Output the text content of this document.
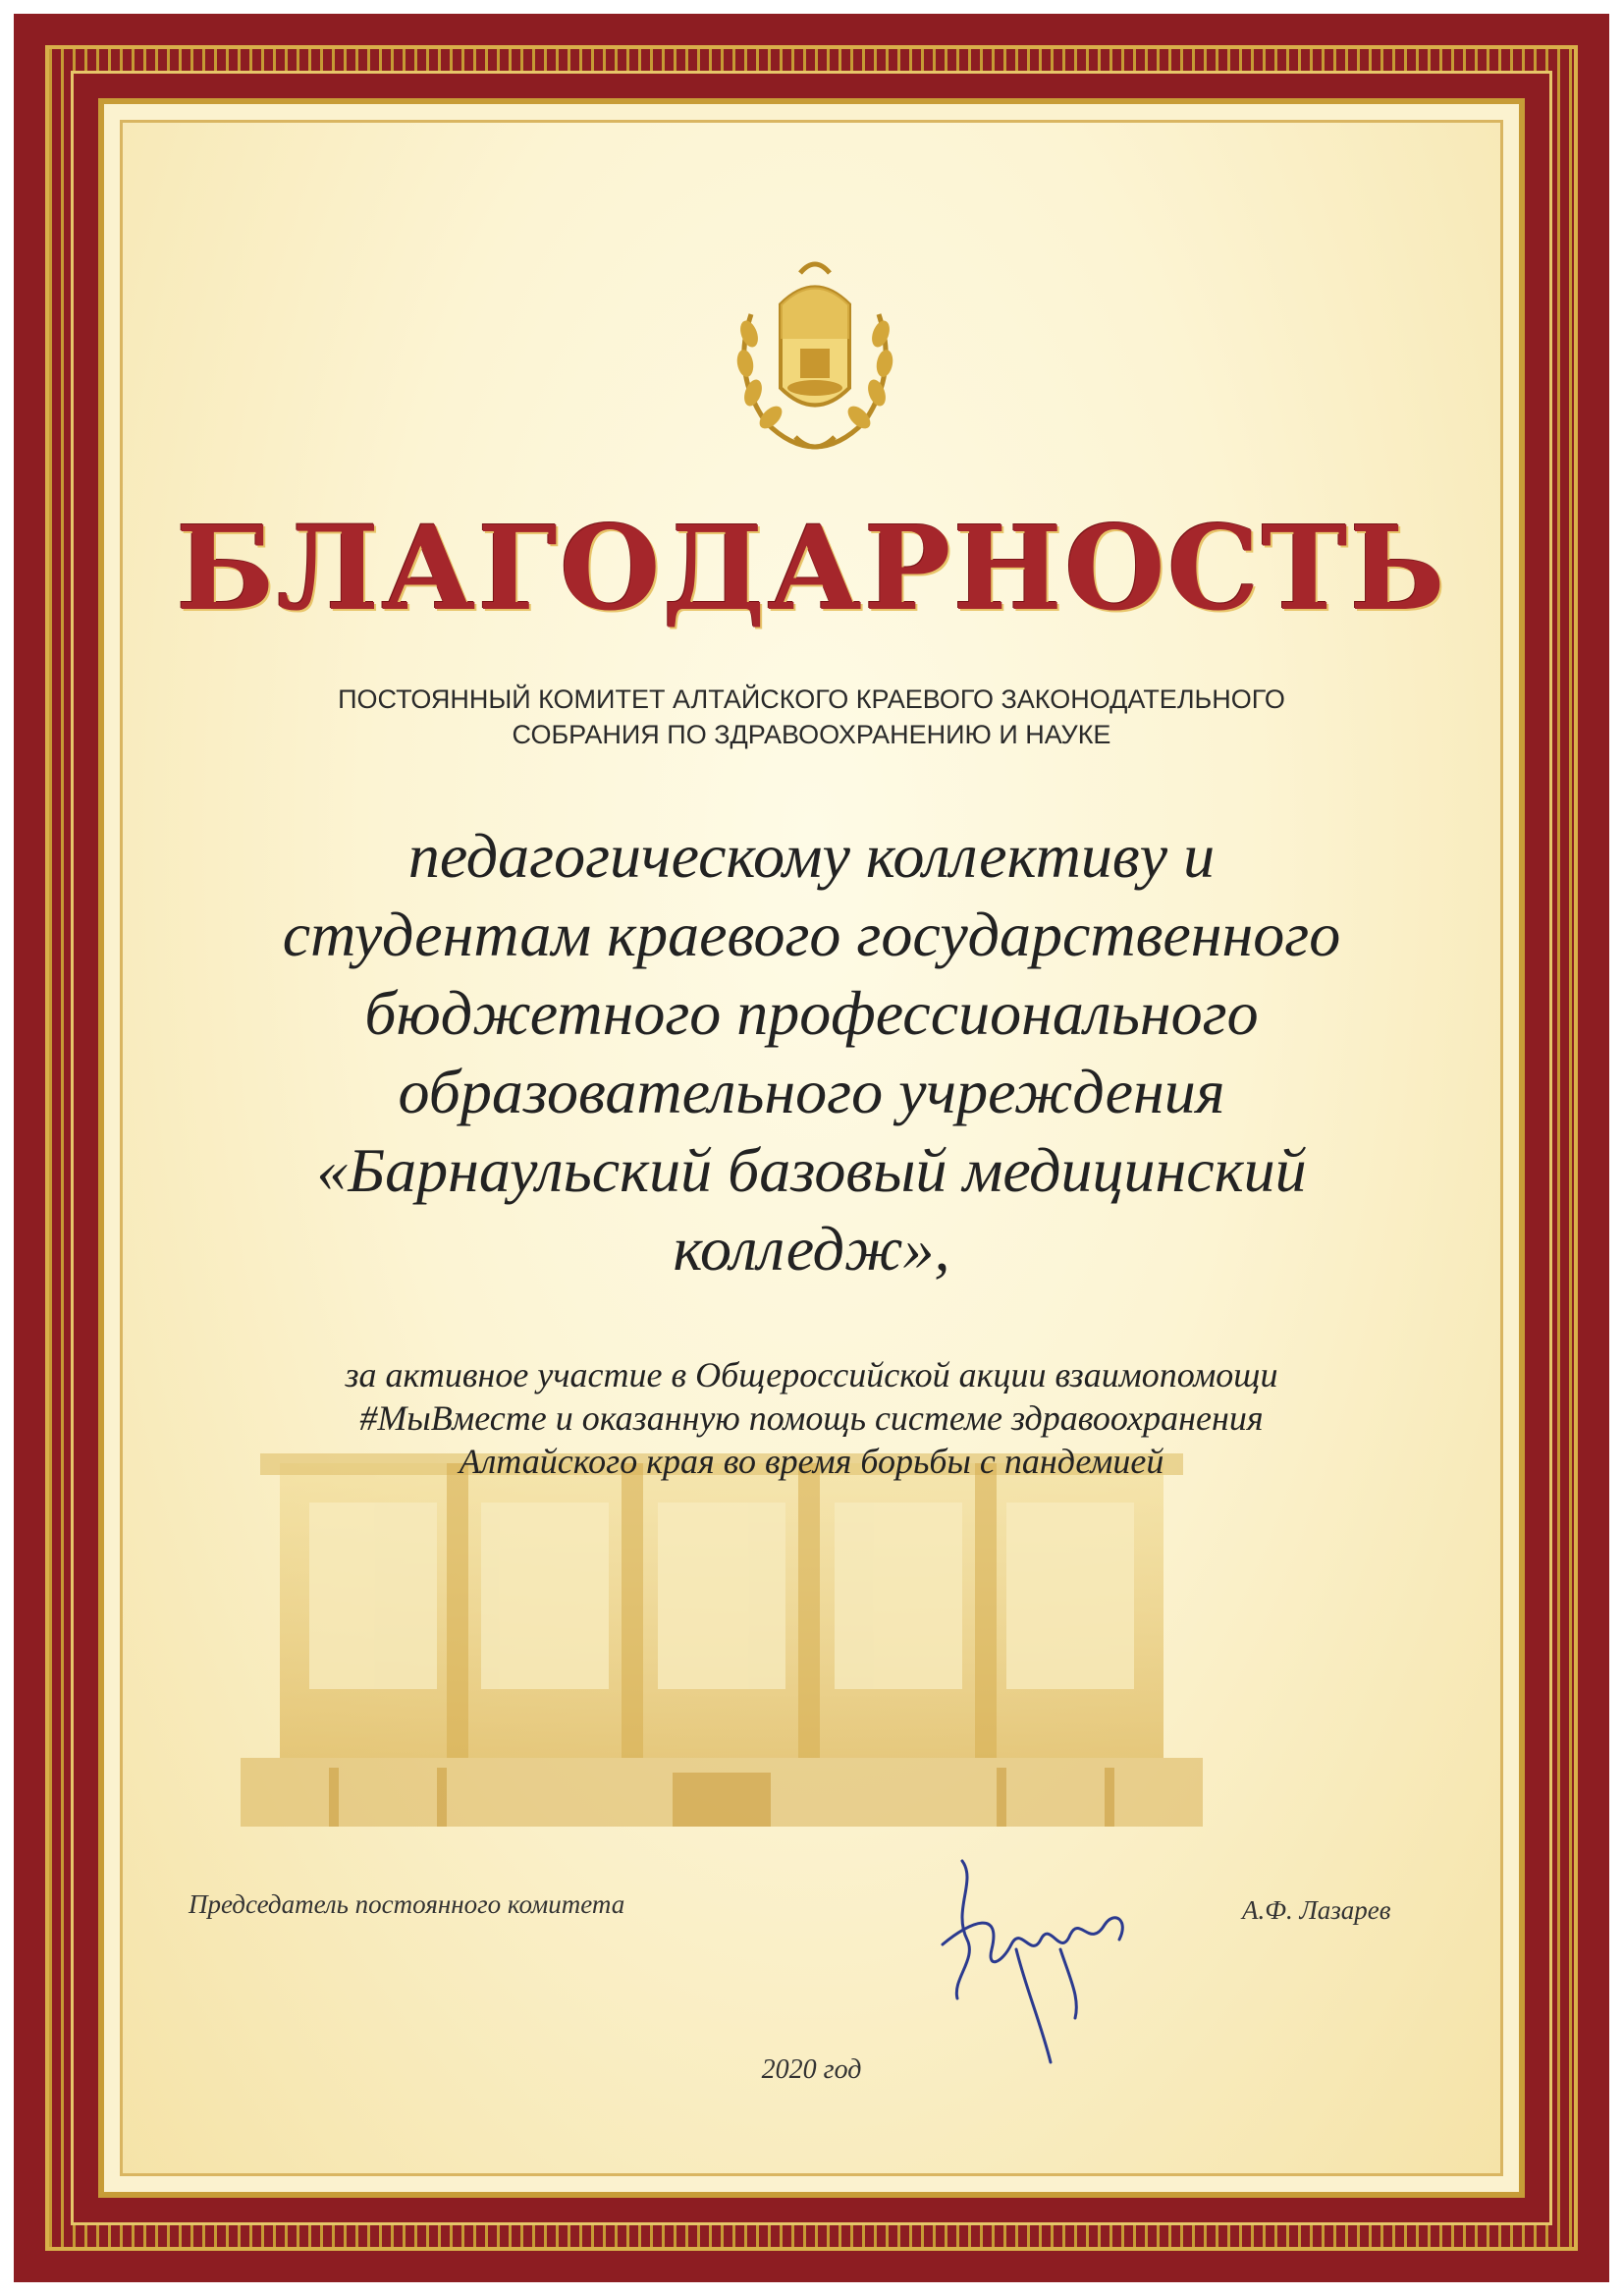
БЛАГОДАРНОСТЬ
ПОСТОЯННЫЙ КОМИТЕТ АЛТАЙСКОГО КРАЕВОГО ЗАКОНОДАТЕЛЬНОГО
СОБРАНИЯ ПО ЗДРАВООХРАНЕНИЮ И НАУКЕ
педагогическому коллективу и
студентам краевого государственного
бюджетного профессионального
образовательного учреждения
«Барнаульский базовый медицинский
колледж»,
за активное участие в Общероссийской акции взаимопомощи
#МыВместе и оказанную помощь системе здравоохранения
Алтайского края во время борьбы с пандемией
Председатель постоянного комитета	А.Ф. Лазарев
2020 год
